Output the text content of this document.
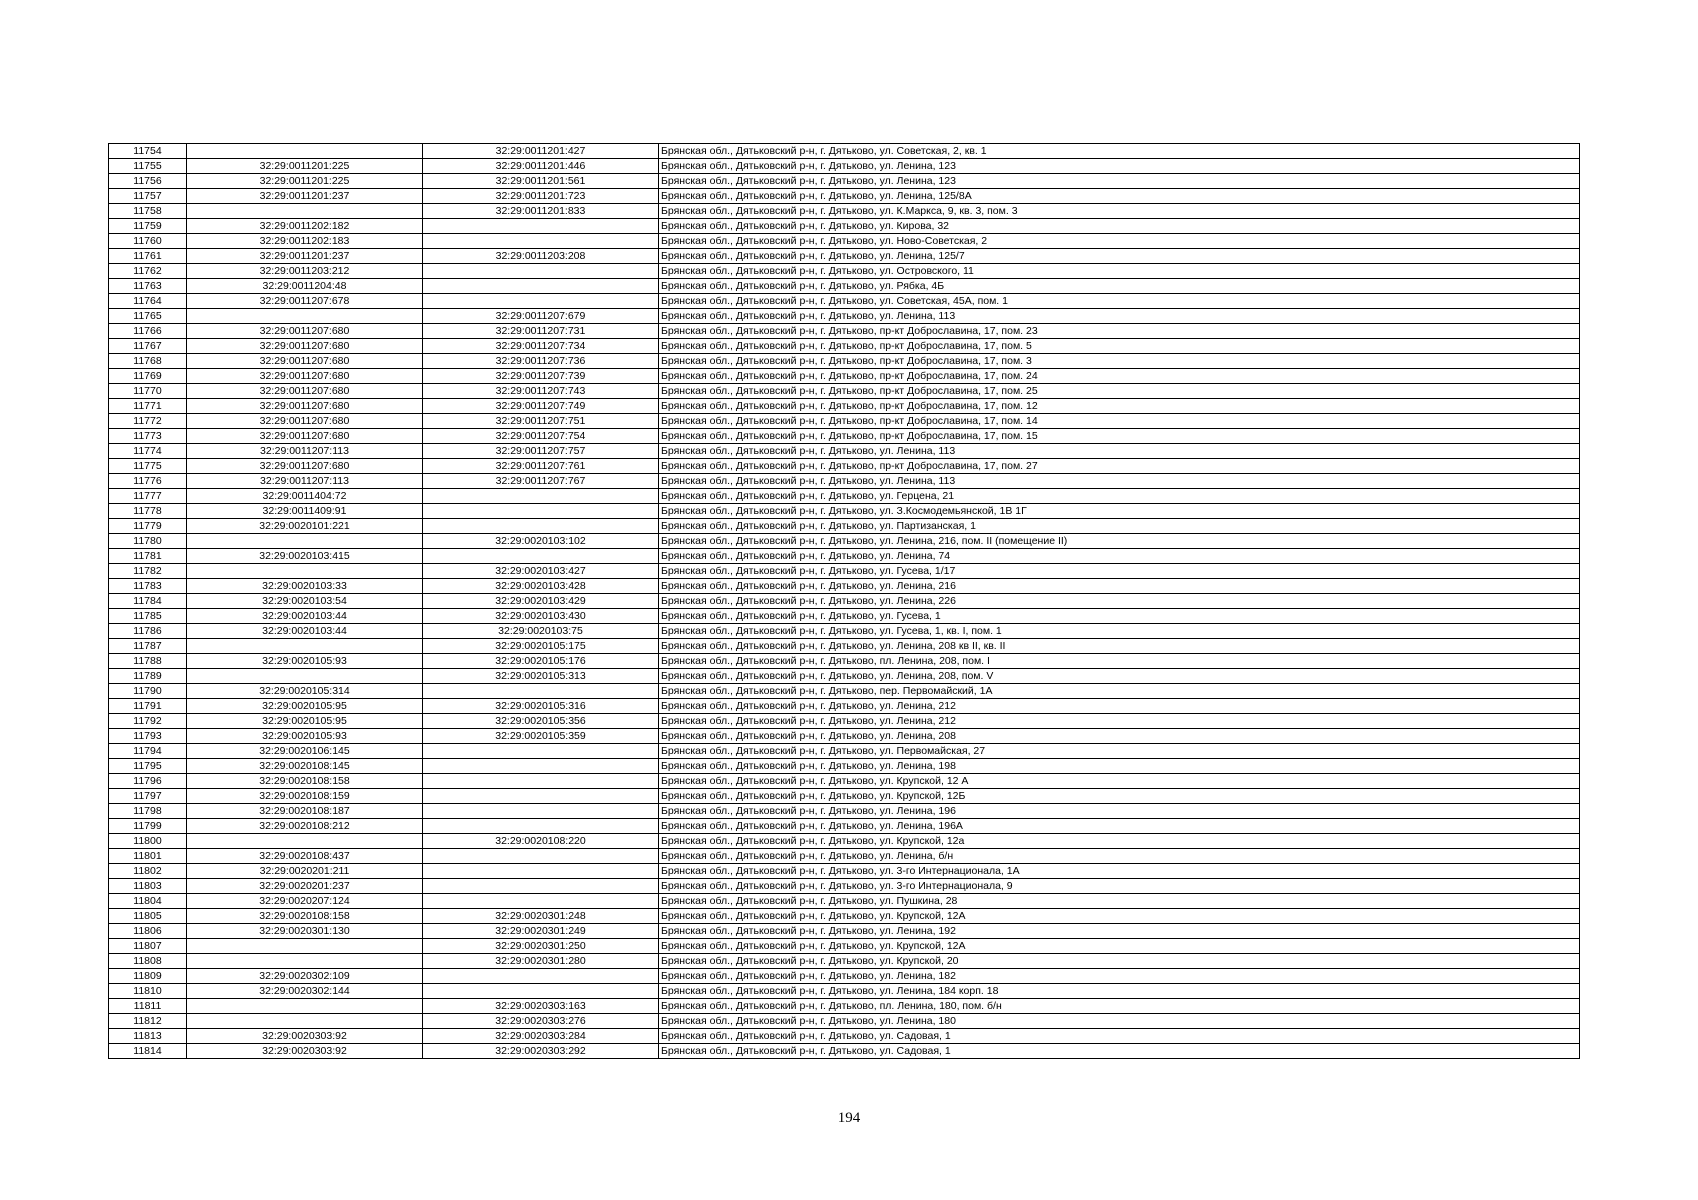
11754		32:29:0011201:427	Брянская обл., Дятьковский р-н, г. Дятьково, ул. Советская, 2, кв. 1
11755	32:29:0011201:225	32:29:0011201:446	Брянская обл., Дятьковский р-н, г. Дятьково, ул. Ленина, 123
11756	32:29:0011201:225	32:29:0011201:561	Брянская обл., Дятьковский р-н, г. Дятьково, ул. Ленина, 123
11757	32:29:0011201:237	32:29:0011201:723	Брянская обл., Дятьковский р-н, г. Дятьково, ул. Ленина, 125/8А
11758		32:29:0011201:833	Брянская обл., Дятьковский р-н, г. Дятьково, ул. К.Маркса, 9, кв. 3, пом. 3
11759	32:29:0011202:182		Брянская обл., Дятьковский р-н, г. Дятьково, ул. Кирова, 32
11760	32:29:0011202:183		Брянская обл., Дятьковский р-н, г. Дятьково, ул. Ново-Советская, 2
11761	32:29:0011201:237	32:29:0011203:208	Брянская обл., Дятьковский р-н, г. Дятьково, ул. Ленина, 125/7
11762	32:29:0011203:212		Брянская обл., Дятьковский р-н, г. Дятьково, ул. Островского, 11
11763	32:29:0011204:48		Брянская обл., Дятьковский р-н, г. Дятьково, ул. Рябка, 4Б
11764	32:29:0011207:678		Брянская обл., Дятьковский р-н, г. Дятьково, ул. Советская, 45А, пом. 1
11765		32:29:0011207:679	Брянская обл., Дятьковский р-н, г. Дятьково, ул. Ленина, 113
11766	32:29:0011207:680	32:29:0011207:731	Брянская обл., Дятьковский р-н, г. Дятьково, пр-кт Доброславина, 17, пом. 23
11767	32:29:0011207:680	32:29:0011207:734	Брянская обл., Дятьковский р-н, г. Дятьково, пр-кт Доброславина, 17, пом. 5
11768	32:29:0011207:680	32:29:0011207:736	Брянская обл., Дятьковский р-н, г. Дятьково, пр-кт Доброславина, 17, пом. 3
11769	32:29:0011207:680	32:29:0011207:739	Брянская обл., Дятьковский р-н, г. Дятьково, пр-кт Доброславина, 17, пом. 24
11770	32:29:0011207:680	32:29:0011207:743	Брянская обл., Дятьковский р-н, г. Дятьково, пр-кт Доброславина, 17, пом. 25
11771	32:29:0011207:680	32:29:0011207:749	Брянская обл., Дятьковский р-н, г. Дятьково, пр-кт Доброславина, 17, пом. 12
11772	32:29:0011207:680	32:29:0011207:751	Брянская обл., Дятьковский р-н, г. Дятьково, пр-кт Доброславина, 17, пом. 14
11773	32:29:0011207:680	32:29:0011207:754	Брянская обл., Дятьковский р-н, г. Дятьково, пр-кт Доброславина, 17, пом. 15
11774	32:29:0011207:113	32:29:0011207:757	Брянская обл., Дятьковский р-н, г. Дятьково, ул. Ленина, 113
11775	32:29:0011207:680	32:29:0011207:761	Брянская обл., Дятьковский р-н, г. Дятьково, пр-кт Доброславина, 17, пом. 27
11776	32:29:0011207:113	32:29:0011207:767	Брянская обл., Дятьковский р-н, г. Дятьково, ул. Ленина, 113
11777	32:29:0011404:72		Брянская обл., Дятьковский р-н, г. Дятьково, ул. Герцена, 21
11778	32:29:0011409:91		Брянская обл., Дятьковский р-н, г. Дятьково, ул. З.Космодемьянской, 1В 1Г
11779	32:29:0020101:221		Брянская обл., Дятьковский р-н, г. Дятьково, ул. Партизанская, 1
11780		32:29:0020103:102	Брянская обл., Дятьковский р-н, г. Дятьково, ул. Ленина, 216, пом. II (помещение II)
11781	32:29:0020103:415		Брянская обл., Дятьковский р-н, г. Дятьково, ул. Ленина, 74
11782		32:29:0020103:427	Брянская обл., Дятьковский р-н, г. Дятьково, ул. Гусева, 1/17
11783	32:29:0020103:33	32:29:0020103:428	Брянская обл., Дятьковский р-н, г. Дятьково, ул. Ленина, 216
11784	32:29:0020103:54	32:29:0020103:429	Брянская обл., Дятьковский р-н, г. Дятьково, ул. Ленина, 226
11785	32:29:0020103:44	32:29:0020103:430	Брянская обл., Дятьковский р-н, г. Дятьково, ул. Гусева, 1
11786	32:29:0020103:44	32:29:0020103:75	Брянская обл., Дятьковский р-н, г. Дятьково, ул. Гусева, 1, кв. I, пом. 1
11787		32:29:0020105:175	Брянская обл., Дятьковский р-н, г. Дятьково, ул. Ленина, 208 кв II, кв. II
11788	32:29:0020105:93	32:29:0020105:176	Брянская обл., Дятьковский р-н, г. Дятьково, пл. Ленина, 208, пом. I
11789		32:29:0020105:313	Брянская обл., Дятьковский р-н, г. Дятьково, ул. Ленина, 208, пом. V
11790	32:29:0020105:314		Брянская обл., Дятьковский р-н, г. Дятьково, пер. Первомайский, 1А
11791	32:29:0020105:95	32:29:0020105:316	Брянская обл., Дятьковский р-н, г. Дятьково, ул. Ленина, 212
11792	32:29:0020105:95	32:29:0020105:356	Брянская обл., Дятьковский р-н, г. Дятьково, ул. Ленина, 212
11793	32:29:0020105:93	32:29:0020105:359	Брянская обл., Дятьковский р-н, г. Дятьково, ул. Ленина, 208
11794	32:29:0020106:145		Брянская обл., Дятьковский р-н, г. Дятьково, ул. Первомайская, 27
11795	32:29:0020108:145		Брянская обл., Дятьковский р-н, г. Дятьково, ул. Ленина, 198
11796	32:29:0020108:158		Брянская обл., Дятьковский р-н, г. Дятьково, ул. Крупской, 12 А
11797	32:29:0020108:159		Брянская обл., Дятьковский р-н, г. Дятьково, ул. Крупской, 12Б
11798	32:29:0020108:187		Брянская обл., Дятьковский р-н, г. Дятьково, ул. Ленина, 196
11799	32:29:0020108:212		Брянская обл., Дятьковский р-н, г. Дятьково, ул. Ленина, 196А
11800		32:29:0020108:220	Брянская обл., Дятьковский р-н, г. Дятьково, ул. Крупской, 12а
11801	32:29:0020108:437		Брянская обл., Дятьковский р-н, г. Дятьково, ул. Ленина, б/н
11802	32:29:0020201:211		Брянская обл., Дятьковский р-н, г. Дятьково, ул. 3-го Интернационала, 1А
11803	32:29:0020201:237		Брянская обл., Дятьковский р-н, г. Дятьково, ул. 3-го Интернационала, 9
11804	32:29:0020207:124		Брянская обл., Дятьковский р-н, г. Дятьково, ул. Пушкина, 28
11805	32:29:0020108:158	32:29:0020301:248	Брянская обл., Дятьковский р-н, г. Дятьково, ул. Крупской, 12А
11806	32:29:0020301:130	32:29:0020301:249	Брянская обл., Дятьковский р-н, г. Дятьково, ул. Ленина, 192
11807		32:29:0020301:250	Брянская обл., Дятьковский р-н, г. Дятьково, ул. Крупской, 12А
11808		32:29:0020301:280	Брянская обл., Дятьковский р-н, г. Дятьково, ул. Крупской, 20
11809	32:29:0020302:109		Брянская обл., Дятьковский р-н, г. Дятьково, ул. Ленина, 182
11810	32:29:0020302:144		Брянская обл., Дятьковский р-н, г. Дятьково, ул. Ленина, 184 корп. 18
11811		32:29:0020303:163	Брянская обл., Дятьковский р-н, г. Дятьково, пл. Ленина, 180, пом. б/н
11812		32:29:0020303:276	Брянская обл., Дятьковский р-н, г. Дятьково, ул. Ленина, 180
11813	32:29:0020303:92	32:29:0020303:284	Брянская обл., Дятьковский р-н, г. Дятьково, ул. Садовая, 1
11814	32:29:0020303:92	32:29:0020303:292	Брянская обл., Дятьковский р-н, г. Дятьково, ул. Садовая, 1
194
